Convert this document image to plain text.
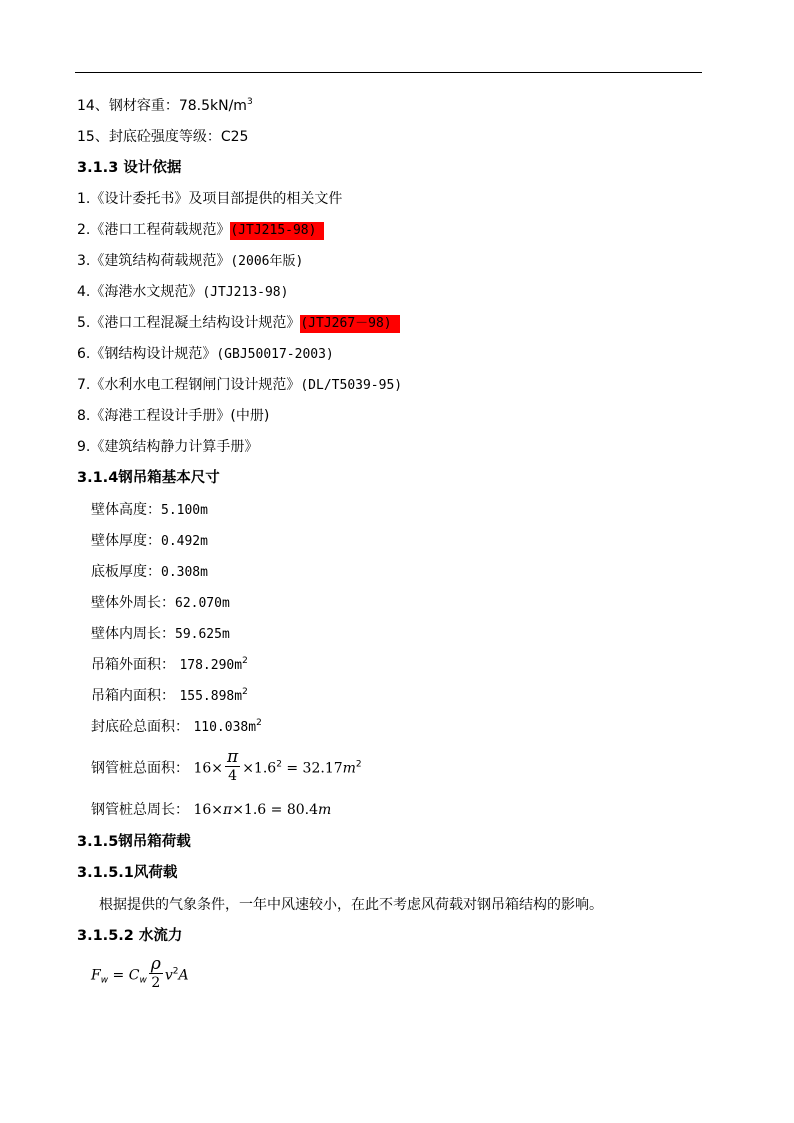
14、钢材容重：$78.5kN/m^3$
15、封底砼强度等级：C25
3.1.3 设计依据
1.《设计委托书》及项目部提供的相关文件
2.《港口工程荷载规范》(JTJ215-98)
3.《建筑结构荷载规范》(2006年版)
4.《海港水文规范》(JTJ213-98)
5.《港口工程混凝土结构设计规范》(JTJ267－98)
6.《钢结构设计规范》(GBJ50017-2003)
7.《水利水电工程钢闸门设计规范》(DL/T5039-95)
8.《海港工程设计手册》(中册)
9.《建筑结构静力计算手册》
3.1.4钢吊箱基本尺寸
壁体高度：5.100m
壁体厚度：0.492m
底板厚度：0.308m
壁体外周长：62.070m
壁体内周长：59.625m
吊箱外面积： $178.290m^2$
吊箱内面积： $155.898m^2$
封底砼总面积： $110.038m^2$
钢管桩总面积： $16\times \frac{\pi}{4} \times 1.6^2 = 32.17m^2$
钢管桩总周长： 16×π×1.6 = 80.4m
3.1.5钢吊箱荷载
3.1.5.1风荷载
根据提供的气象条件，一年中风速较小，在此不考虑风荷载对钢吊箱结构的影响。
3.1.5.2 水流力
$F_w = C_w \frac{\rho}{2} v^2A$
